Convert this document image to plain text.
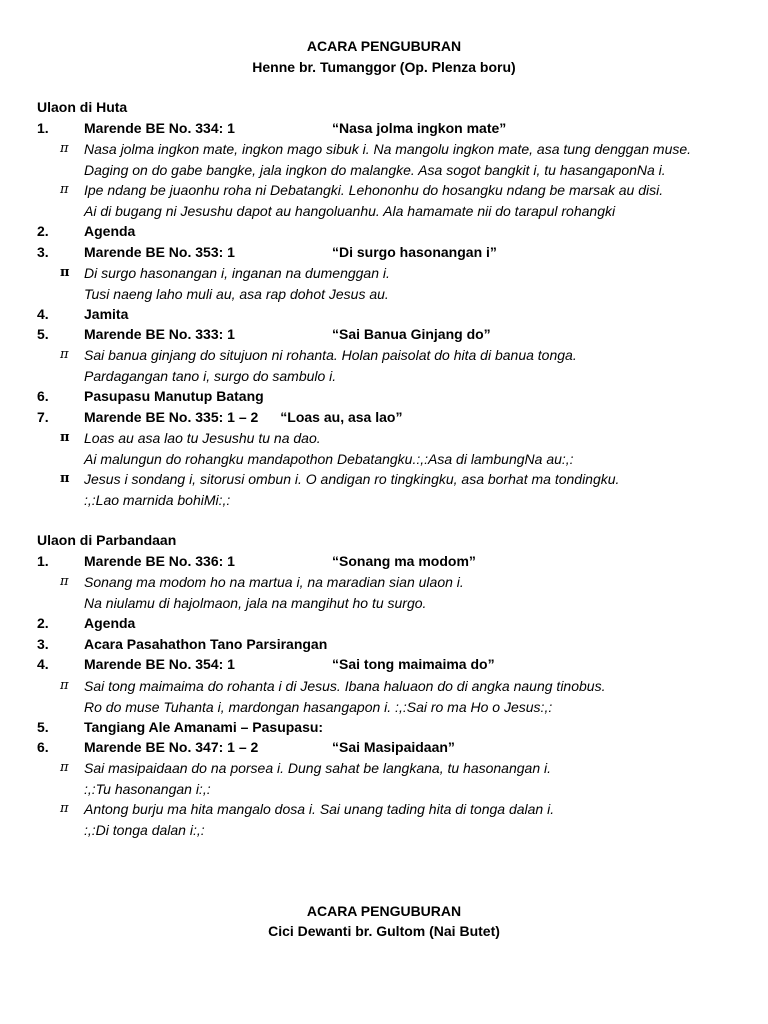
ACARA PENGUBURAN
Henne br. Tumanggor (Op. Plenza boru)
Ulaon di Huta
1.	Marende BE No. 334: 1	“Nasa jolma ingkon mate”
π Nasa jolma ingkon mate, ingkon mago sibuk i. Na mangolu ingkon mate, asa tung denggan muse.
Daging on do gabe bangke, jala ingkon do malangke. Asa sogot bangkit i, tu hasangaponNa i.
π Ipe ndang be juaonhu roha ni Debatangki. Lehononhu do hosangku ndang be marsak au disi.
Ai di bugang ni Jesushu dapot au hangoluanhu. Ala hamamate nii do tarapul rohangki
2.	Agenda
3.	Marende BE No. 353: 1	“Di surgo hasonangan i”
π Di surgo hasonangan i, inganan na dumenggan i.
Tusi naeng laho muli au, asa rap dohot Jesus au.
4.	Jamita
5.	Marende BE No. 333: 1	“Sai Banua Ginjang do”
π Sai banua ginjang do situjuon ni rohanta. Holan paisolat do hita di banua tonga.
Pardagangan tano i, surgo do sambulo i.
6.	Pasupasu Manutup Batang
7.	Marende BE No. 335: 1 – 2 “Loas au, asa lao”
π Loas au asa lao tu Jesushu tu na dao.
Ai malungun do rohangku mandapothon Debatangku.:,:Asa di lambungNa au:,:
π Jesus i sondang i, sitorusi ombun i. O andigan ro tingkingku, asa borhat ma tondingku.
:,:Lao marnida bohiMi:,:
Ulaon di Parbandaan
1.	Marende BE No. 336: 1	“Sonang ma modom”
π Sonang ma modom ho na martua i, na maradian sian ulaon i.
Na niulamu di hajolmaon, jala na mangihut ho tu surgo.
2.	Agenda
3.	Acara Pasahathon Tano Parsirangan
4.	Marende BE No. 354: 1	“Sai tong maimaima do”
π Sai tong maimaima do rohanta i di Jesus. Ibana haluaon do di angka naung tinobus.
Ro do muse Tuhanta i, mardongan hasangapon i. :,:Sai ro ma Ho o Jesus:,:
5.	Tangiang Ale Amanami – Pasupasu:
6.	Marende BE No. 347: 1 – 2	“Sai Masipaidaan”
π Sai masipaidaan do na porsea i. Dung sahat be langkana, tu hasonangan i.
:,:Tu hasonangan i:,:
π Antong burju ma hita mangalo dosa i. Sai unang tading hita di tonga dalan i.
:,:Di tonga dalan i:,:
ACARA PENGUBURAN
Cici Dewanti br. Gultom (Nai Butet)
